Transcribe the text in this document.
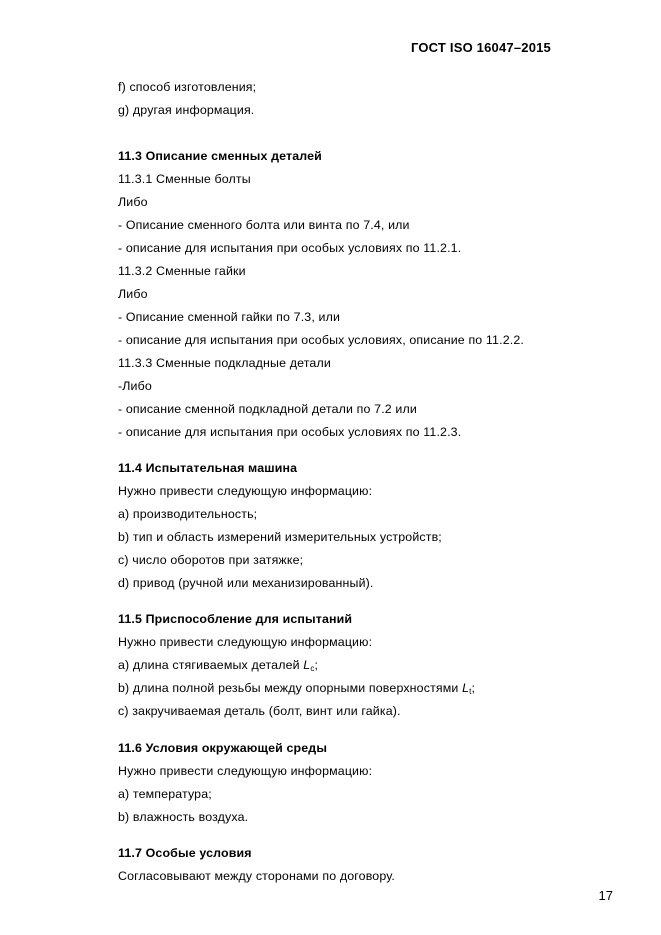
ГОСТ ISO 16047–2015
f) способ изготовления;
g) другая информация.
11.3 Описание сменных деталей
11.3.1 Сменные болты
Либо
- Описание сменного болта или винта по 7.4, или
- описание для испытания при особых условиях по 11.2.1.
11.3.2 Сменные гайки
Либо
- Описание сменной гайки по 7.3, или
- описание для испытания при особых условиях, описание по 11.2.2.
11.3.3 Сменные подкладные детали
-Либо
- описание сменной подкладной детали по 7.2 или
- описание для испытания при особых условиях по 11.2.3.
11.4 Испытательная машина
Нужно привести следующую информацию:
a) производительность;
b) тип и область измерений измерительных устройств;
c) число оборотов при затяжке;
d) привод (ручной или механизированный).
11.5 Приспособление для испытаний
Нужно привести следующую информацию:
a) длина стягиваемых деталей $L_c$;
b) длина полной резьбы между опорными поверхностями $L_t$;
c) закручиваемая деталь (болт, винт или гайка).
11.6 Условия окружающей среды
Нужно привести следующую информацию:
a) температура;
b) влажность воздуха.
11.7 Особые условия
Согласовывают между сторонами по договору.
17
